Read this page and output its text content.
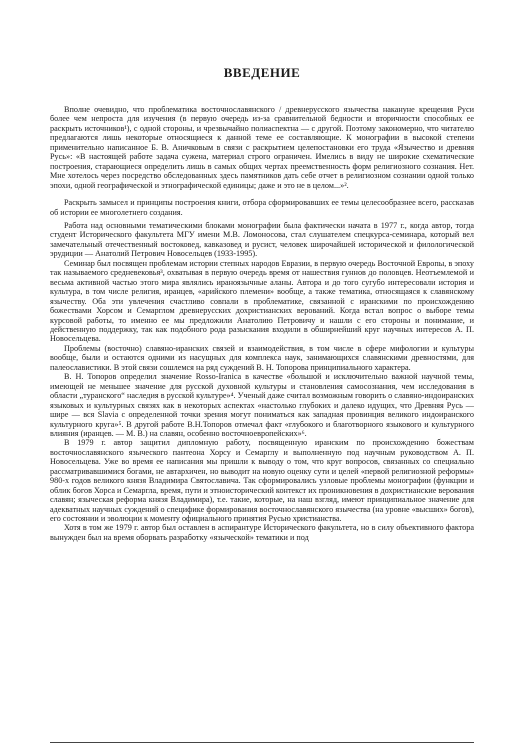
ВВЕДЕНИЕ

Вполне очевидно, что проблематика восточнославянского / древнерусского язычества накануне крещения Руси более чем непроста для изучения (в первую очередь из-за сравнительной бедности и вторичности способных ее раскрыть источников¹), с одной стороны, и чрезвычайно полиаспектна — с другой. Поэтому закономерно, что читателю предлагаются лишь некоторые относящиеся к данной теме ее составляющие. К монографии в высокой степени применительно написанное Б. В. Аничковым в связи с раскрытием целепостановки его труда «Язычество и древняя Русь»: «В настоящей работе задача сужена, материал строго ограничен. Имелись в виду не широкие схематические построения, старающиеся определить лишь в самых общих чертах преемственность форм религиозного сознания. Нет. Мне хотелось через посредство обследованных здесь памятников дать себе отчет в религиозном сознании одной только эпохи, одной географической и этнографической единицы; даже и это не в целом...»².

Раскрыть замысел и принципы построения книги, отбора сформировавших ее темы целесообразнее всего, рассказав об истории ее многолетнего создания.

Работа над основными тематическими блоками монографии была фактически начата в 1977 г., когда автор, тогда студент Исторического факультета МГУ имени М.В. Ломоносова, стал слушателем спецкурса-семинара, который вел замечательный отечественный востоковед, кавказовед и русист, человек широчайшей исторической и филологической эрудиции — Анатолий Петрович Новосельцев (1933-1995).

Семинар был посвящен проблемам истории степных народов Евразии, в первую очередь Восточной Европы, в эпоху так называемого средневековья³, охватывая в первую очередь время от нашествия гуннов до половцев. Неотъемлемой и весьма активной частью этого мира являлись ираноязычные аланы. Автора и до того сугубо интересовали история и культура, в том числе религия, иранцев, «арийского племени» вообще, а также тематика, относящаяся к славянскому язычеству. Оба эти увлечения счастливо совпали в проблематике, связанной с иранскими по происхождению божествами Хорсом и Семарглом древнерусских дохристианских верований. Когда встал вопрос о выборе темы курсовой работы, то именно ее мы предложили Анатолию Петровичу и нашли с его стороны и понимание, и действенную поддержку, так как подобного рода разыскания входили в обширнейший круг научных интересов А. П. Новосельцева.

Проблемы (восточно) славяно-иранских связей и взаимодействия, в том числе в сфере мифологии и культуры вообще, были и остаются одними из насущных для комплекса наук, занимающихся славянскими древностями, для палеославистики. В этой связи сошлемся на ряд суждений В. Н. Топорова принципиального характера.

В. Н. Топоров определил значение Rosso-Iranica в качестве «большой и исключительно важной научной темы, имеющей не меньшее значение для русской духовной культуры и становления самосознания, чем исследования в области „туранского“ наследия в русской культуре»⁴. Ученый даже считал возможным говорить о славяно-индоиранских языковых и культурных связях как в некоторых аспектах «настолько глубоких и далеко идущих, что Древняя Русь — шире — вся Slavia с определенной точки зрения могут пониматься как западная провинция великого индоиранского культурного круга»⁵. В другой работе В.Н.Топоров отмечал факт «глубокого и благотворного языкового и культурного влияния (иранцев. — М. В.) на славян, особенно восточноевропейских»⁶.

В 1979 г. автор защитил дипломную работу, посвященную иранским по происхождению божествам восточнославянского языческого пантеона Хорсу и Семарглу и выполненную под научным руководством А. П. Новосельцева. Уже во время ее написания мы пришли к выводу о том, что круг вопросов, связанных со специально рассматривавшимися богами, не автархичен, но выводит на новую оценку сути и целей «первой религиозной реформы» 980-х годов великого князя Владимира Святославича. Так сформировались узловые проблемы монографии (функции и облик богов Хорса и Семаргла, время, пути и этноисторический контекст их проникновения в дохристианские верования славян; языческая реформа князя Владимира), т.е. такие, которые, на наш взгляд, имеют принципиальное значение для адекватных научных суждений о специфике формирования восточнославянского язычества (на уровне «высших» богов), его состоянии и эволюции к моменту официального принятия Русью христианства.

Хотя в том же 1979 г. автор был оставлен в аспирантуре Исторического факультета, но в силу объективного фактора вынужден был на время оборвать разработку «языческой» тематики и под
